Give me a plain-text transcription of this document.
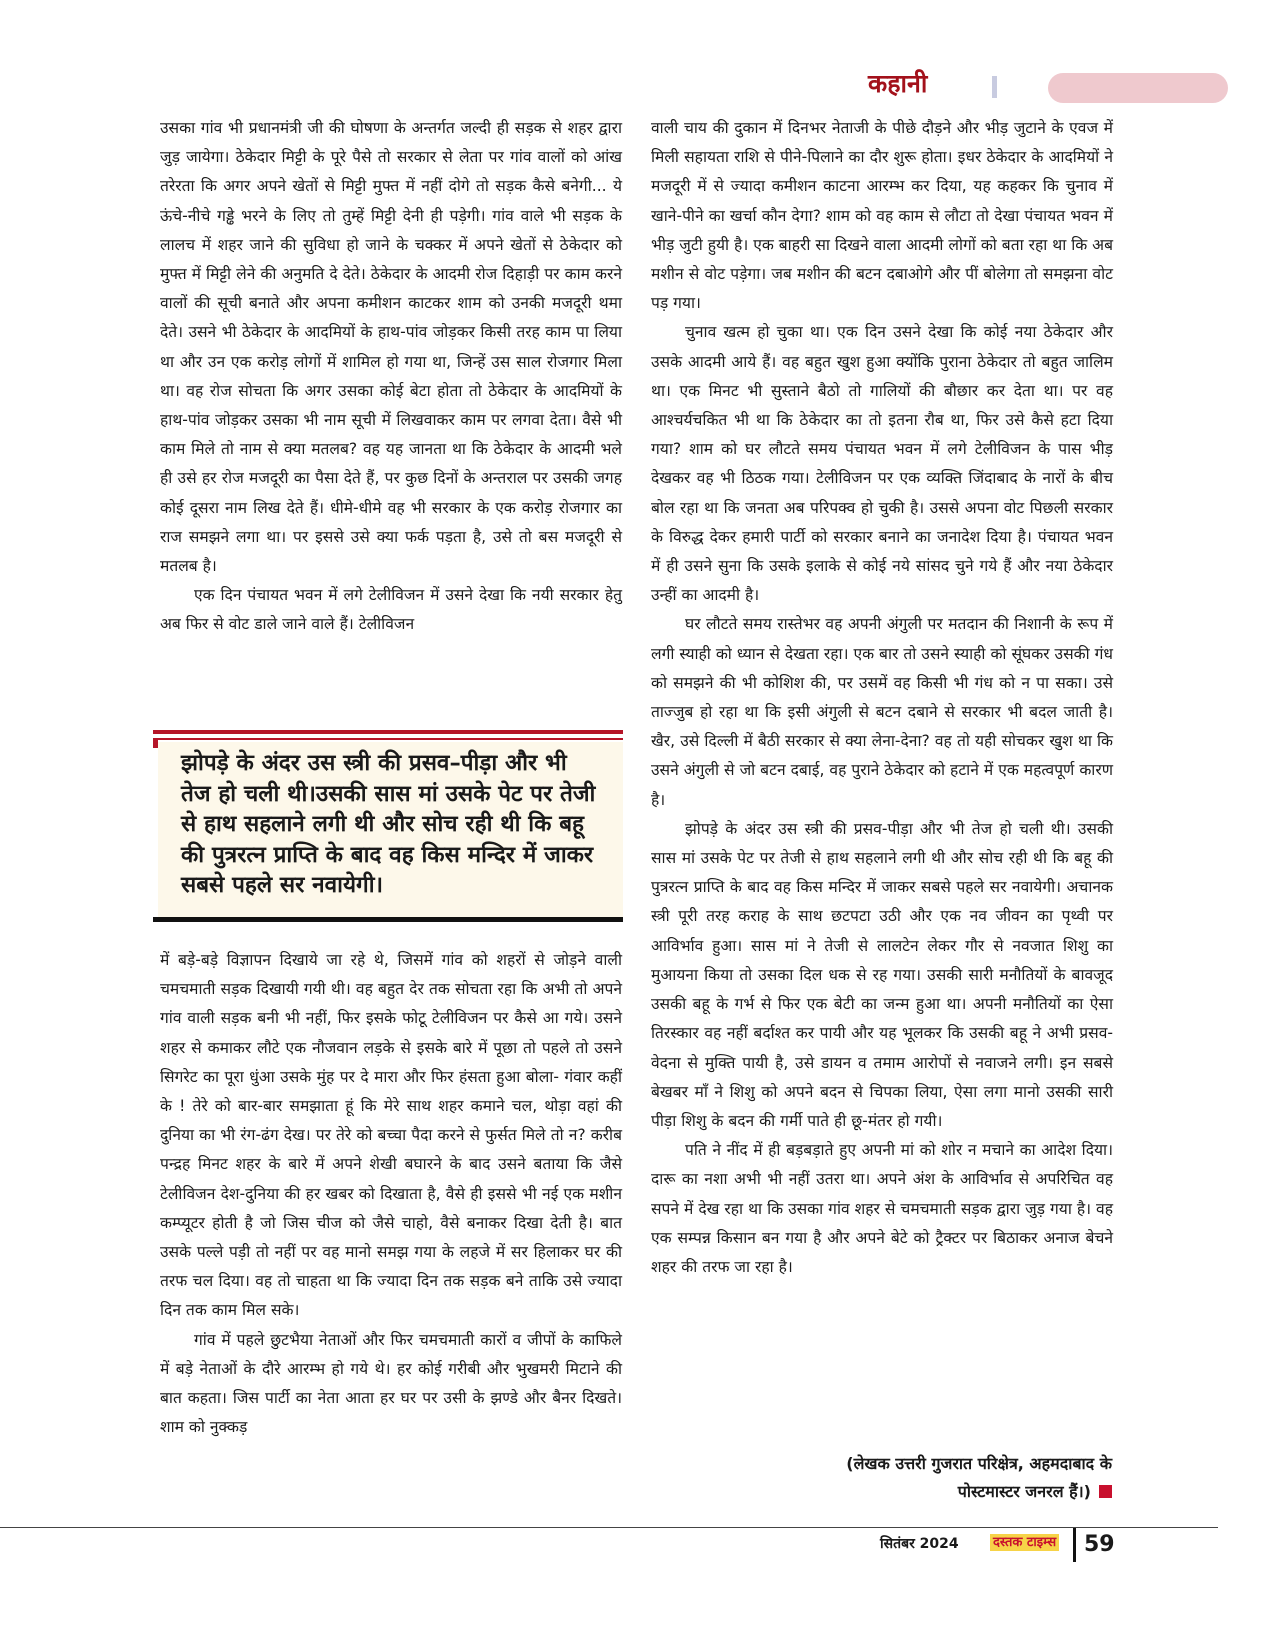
कहानी

उसका गांव भी प्रधानमंत्री जी की घोषणा के अन्तर्गत जल्दी ही सड़क से शहर द्वारा जुड़ जायेगा। ठेकेदार मिट्टी के पूरे पैसे तो सरकार से लेता पर गांव वालों को आंख तरेरता कि अगर अपने खेतों से मिट्टी मुफ्त में नहीं दोगे तो सड़क कैसे बनेगी... ये ऊंचे-नीचे गड्ढे भरने के लिए तो तुम्हें मिट्टी देनी ही पड़ेगी। गांव वाले भी सड़क के लालच में शहर जाने की सुविधा हो जाने के चक्कर में अपने खेतों से ठेकेदार को मुफ्त में मिट्टी लेने की अनुमति दे देते। ठेकेदार के आदमी रोज दिहाड़ी पर काम करने वालों की सूची बनाते और अपना कमीशन काटकर शाम को उनकी मजदूरी थमा देते। उसने भी ठेकेदार के आदमियों के हाथ-पांव जोड़कर किसी तरह काम पा लिया था और उन एक करोड़ लोगों में शामिल हो गया था, जिन्हें उस साल रोजगार मिला था। वह रोज सोचता कि अगर उसका कोई बेटा होता तो ठेकेदार के आदमियों के हाथ-पांव जोड़कर उसका भी नाम सूची में लिखवाकर काम पर लगवा देता। वैसे भी काम मिले तो नाम से क्या मतलब? वह यह जानता था कि ठेकेदार के आदमी भले ही उसे हर रोज मजदूरी का पैसा देते हैं, पर कुछ दिनों के अन्तराल पर उसकी जगह कोई दूसरा नाम लिख देते हैं। धीमे-धीमे वह भी सरकार के एक करोड़ रोजगार का राज समझने लगा था। पर इससे उसे क्या फर्क पड़ता है, उसे तो बस मजदूरी से मतलब है।

एक दिन पंचायत भवन में लगे टेलीविजन में उसने देखा कि नयी सरकार हेतु अब फिर से वोट डाले जाने वाले हैं। टेलीविजन

झोपड़े के अंदर उस स्त्री की प्रसव–पीड़ा और भी तेज हो चली थी।उसकी सास मां उसके पेट पर तेजी से हाथ सहलाने लगी थी और सोच रही थी कि बहू की पुत्ररत्न प्राप्ति के बाद वह किस मन्दिर में जाकर सबसे पहले सर नवायेगी।

में बड़े-बड़े विज्ञापन दिखाये जा रहे थे, जिसमें गांव को शहरों से जोड़ने वाली चमचमाती सड़क दिखायी गयी थी। वह बहुत देर तक सोचता रहा कि अभी तो अपने गांव वाली सड़क बनी भी नहीं, फिर इसके फोटू टेलीविजन पर कैसे आ गये। उसने शहर से कमाकर लौटे एक नौजवान लड़के से इसके बारे में पूछा तो पहले तो उसने सिगरेट का पूरा धुंआ उसके मुंह पर दे मारा और फिर हंसता हुआ बोला- गंवार कहीं के ! तेरे को बार-बार समझाता हूं कि मेरे साथ शहर कमाने चल, थोड़ा वहां की दुनिया का भी रंग-ढंग देख। पर तेरे को बच्चा पैदा करने से फुर्सत मिले तो न? करीब पन्द्रह मिनट शहर के बारे में अपने शेखी बघारने के बाद उसने बताया कि जैसे टेलीविजन देश-दुनिया की हर खबर को दिखाता है, वैसे ही इससे भी नई एक मशीन कम्प्यूटर होती है जो जिस चीज को जैसे चाहो, वैसे बनाकर दिखा देती है। बात उसके पल्ले पड़ी तो नहीं पर वह मानो समझ गया के लहजे में सर हिलाकर घर की तरफ चल दिया। वह तो चाहता था कि ज्यादा दिन तक सड़क बने ताकि उसे ज्यादा दिन तक काम मिल सके।

गांव में पहले छुटभैया नेताओं और फिर चमचमाती कारों व जीपों के काफिले में बड़े नेताओं के दौरे आरम्भ हो गये थे। हर कोई गरीबी और भुखमरी मिटाने की बात कहता। जिस पार्टी का नेता आता हर घर पर उसी के झण्डे और बैनर दिखते। शाम को नुक्कड़

वाली चाय की दुकान में दिनभर नेताजी के पीछे दौड़ने और भीड़ जुटाने के एवज में मिली सहायता राशि से पीने-पिलाने का दौर शुरू होता। इधर ठेकेदार के आदमियों ने मजदूरी में से ज्यादा कमीशन काटना आरम्भ कर दिया, यह कहकर कि चुनाव में खाने-पीने का खर्चा कौन देगा? शाम को वह काम से लौटा तो देखा पंचायत भवन में भीड़ जुटी हुयी है। एक बाहरी सा दिखने वाला आदमी लोगों को बता रहा था कि अब मशीन से वोट पड़ेगा। जब मशीन की बटन दबाओगे और पीं बोलेगा तो समझना वोट पड़ गया।

चुनाव खत्म हो चुका था। एक दिन उसने देखा कि कोई नया ठेकेदार और उसके आदमी आये हैं। वह बहुत खुश हुआ क्योंकि पुराना ठेकेदार तो बहुत जालिम था। एक मिनट भी सुस्ताने बैठो तो गालियों की बौछार कर देता था। पर वह आश्चर्यचकित भी था कि ठेकेदार का तो इतना रौब था, फिर उसे कैसे हटा दिया गया? शाम को घर लौटते समय पंचायत भवन में लगे टेलीविजन के पास भीड़ देखकर वह भी ठिठक गया। टेलीविजन पर एक व्यक्ति जिंदाबाद के नारों के बीच बोल रहा था कि जनता अब परिपक्व हो चुकी है। उससे अपना वोट पिछली सरकार के विरुद्ध देकर हमारी पार्टी को सरकार बनाने का जनादेश दिया है। पंचायत भवन में ही उसने सुना कि उसके इलाके से कोई नये सांसद चुने गये हैं और नया ठेकेदार उन्हीं का आदमी है।

घर लौटते समय रास्तेभर वह अपनी अंगुली पर मतदान की निशानी के रूप में लगी स्याही को ध्यान से देखता रहा। एक बार तो उसने स्याही को सूंघकर उसकी गंध को समझने की भी कोशिश की, पर उसमें वह किसी भी गंध को न पा सका। उसे ताज्जुब हो रहा था कि इसी अंगुली से बटन दबाने से सरकार भी बदल जाती है। खैर, उसे दिल्ली में बैठी सरकार से क्या लेना-देना? वह तो यही सोचकर खुश था कि उसने अंगुली से जो बटन दबाई, वह पुराने ठेकेदार को हटाने में एक महत्वपूर्ण कारण है।

झोपड़े के अंदर उस स्त्री की प्रसव-पीड़ा और भी तेज हो चली थी। उसकी सास मां उसके पेट पर तेजी से हाथ सहलाने लगी थी और सोच रही थी कि बहू की पुत्ररत्न प्राप्ति के बाद वह किस मन्दिर में जाकर सबसे पहले सर नवायेगी। अचानक स्त्री पूरी तरह कराह के साथ छटपटा उठी और एक नव जीवन का पृथ्वी पर आविर्भाव हुआ। सास मां ने तेजी से लालटेन लेकर गौर से नवजात शिशु का मुआयना किया तो उसका दिल धक से रह गया। उसकी सारी मनौतियों के बावजूद उसकी बहू के गर्भ से फिर एक बेटी का जन्म हुआ था। अपनी मनौतियों का ऐसा तिरस्कार वह नहीं बर्दाश्त कर पायी और यह भूलकर कि उसकी बहू ने अभी प्रसव-वेदना से मुक्ति पायी है, उसे डायन व तमाम आरोपों से नवाजने लगी। इन सबसे बेखबर माँ ने शिशु को अपने बदन से चिपका लिया, ऐसा लगा मानो उसकी सारी पीड़ा शिशु के बदन की गर्मी पाते ही छू-मंतर हो गयी।

पति ने नींद में ही बड़बड़ाते हुए अपनी मां को शोर न मचाने का आदेश दिया। दारू का नशा अभी भी नहीं उतरा था। अपने अंश के आविर्भाव से अपरिचित वह सपने में देख रहा था कि उसका गांव शहर से चमचमाती सड़क द्वारा जुड़ गया है। वह एक सम्पन्न किसान बन गया है और अपने बेटे को ट्रैक्टर पर बिठाकर अनाज बेचने शहर की तरफ जा रहा है।

(लेखक उत्तरी गुजरात परिक्षेत्र, अहमदाबाद के
पोस्टमास्टर जनरल हैं।)
सितंबर 2024	दस्तक टाइम्स 59
